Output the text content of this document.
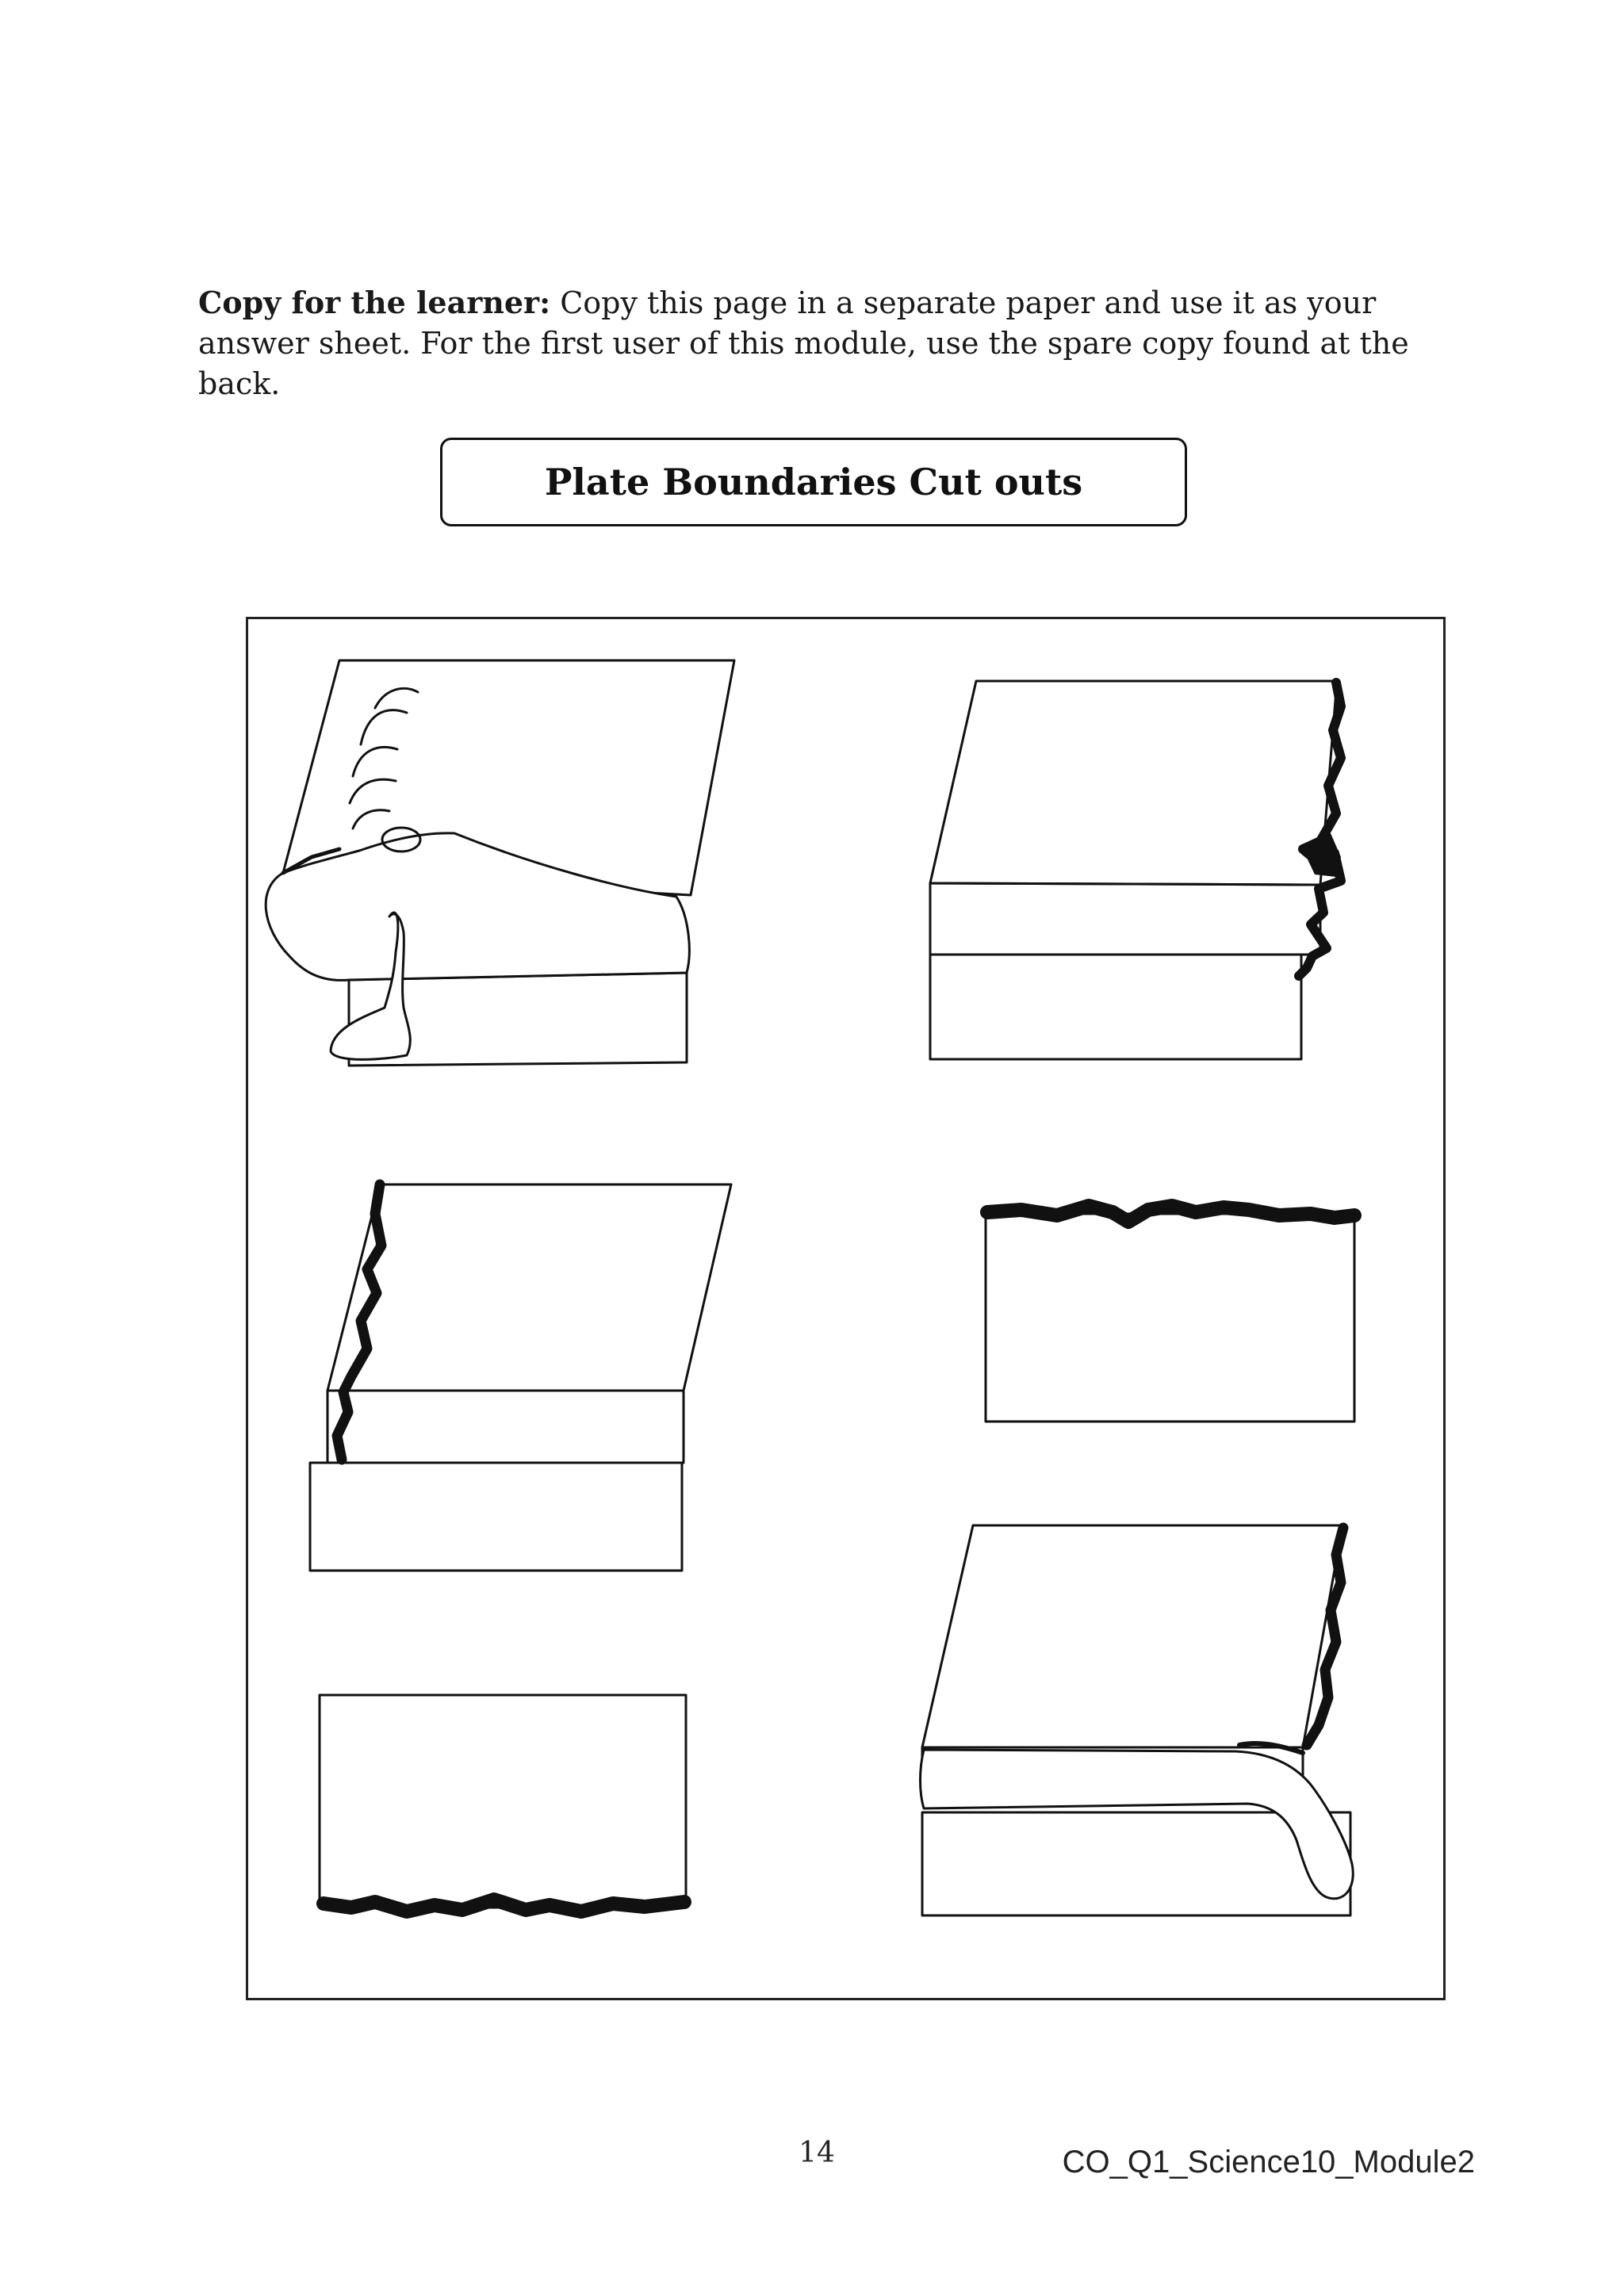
Copy for the learner: Copy this page in a separate paper and use it as your answer sheet. For the first user of this module, use the spare copy found at the back.

Plate Boundaries Cut outs
14	CO_Q1_Science10_Module2
